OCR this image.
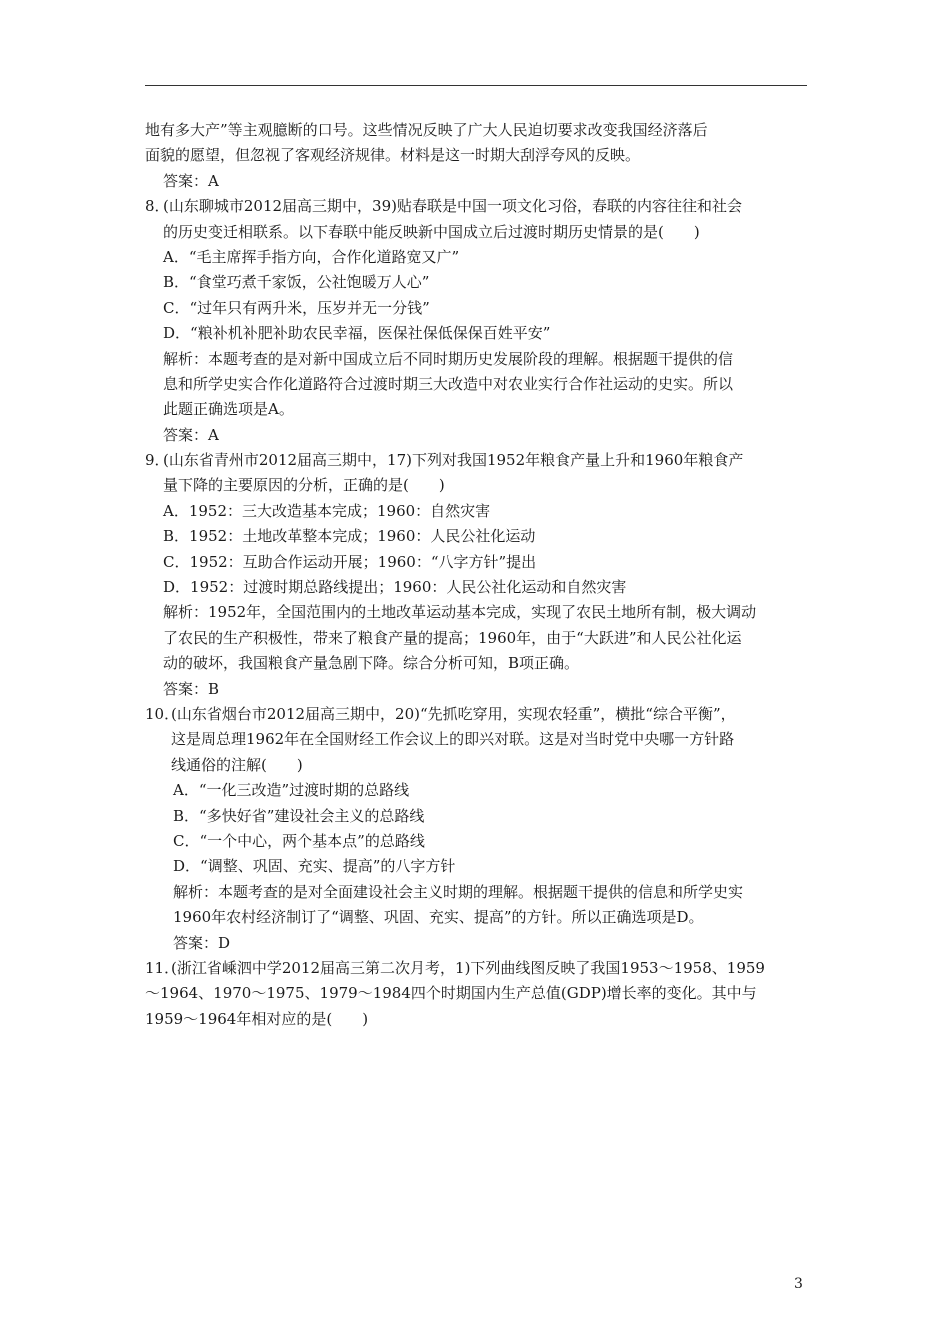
地有多大产”等主观臆断的口号。这些情况反映了广大人民迫切要求改变我国经济落后
面貌的愿望，但忽视了客观经济规律。材料是这一时期大刮浮夸风的反映。
答案：A
8．
(山东聊城市2012届高三期中，39)贴春联是中国一项文化习俗，春联的内容往往和社会
的历史变迁相联系。以下春联中能反映新中国成立后过渡时期历史情景的是(　　)
A．“毛主席挥手指方向，合作化道路宽又广”
B．“食堂巧煮千家饭，公社饱暖万人心”
C．“过年只有两升米，压岁并无一分钱”
D．“粮补机补肥补助农民幸福，医保社保低保保百姓平安”
解析：本题考查的是对新中国成立后不同时期历史发展阶段的理解。根据题干提供的信
息和所学史实合作化道路符合过渡时期三大改造中对农业实行合作社运动的史实。所以
此题正确选项是A。
答案：A
9．
(山东省青州市2012届高三期中，17)下列对我国1952年粮食产量上升和1960年粮食产
量下降的主要原因的分析，正确的是(　　)
A．1952：三大改造基本完成；1960：自然灾害
B．1952：土地改革整本完成；1960：人民公社化运动
C．1952：互助合作运动开展；1960：“八字方针”提出
D．1952：过渡时期总路线提出；1960：人民公社化运动和自然灾害
解析：1952年，全国范围内的土地改革运动基本完成，实现了农民土地所有制，极大调动
了农民的生产积极性，带来了粮食产量的提高；1960年，由于“大跃进”和人民公社化运
动的破坏，我国粮食产量急剧下降。综合分析可知，B项正确。
答案：B
10．
(山东省烟台市2012届高三期中，20)“先抓吃穿用，实现农轻重”，横批“综合平衡”，
这是周总理1962年在全国财经工作会议上的即兴对联。这是对当时党中央哪一方针路
线通俗的注解(　　)
A．“一化三改造”过渡时期的总路线
B．“多快好省”建设社会主义的总路线
C．“一个中心，两个基本点”的总路线
D．“调整、巩固、充实、提高”的八字方针
解析：本题考查的是对全面建设社会主义时期的理解。根据题干提供的信息和所学史实
1960年农村经济制订了“调整、巩固、充实、提高”的方针。所以正确选项是D。
答案：D
11．
(浙江省嵊泗中学2012届高三第二次月考，1)下列曲线图反映了我国1953～1958、1959
～1964、1970～1975、1979～1984四个时期国内生产总值(GDP)增长率的变化。其中与
1959～1964年相对应的是(　　)
3
